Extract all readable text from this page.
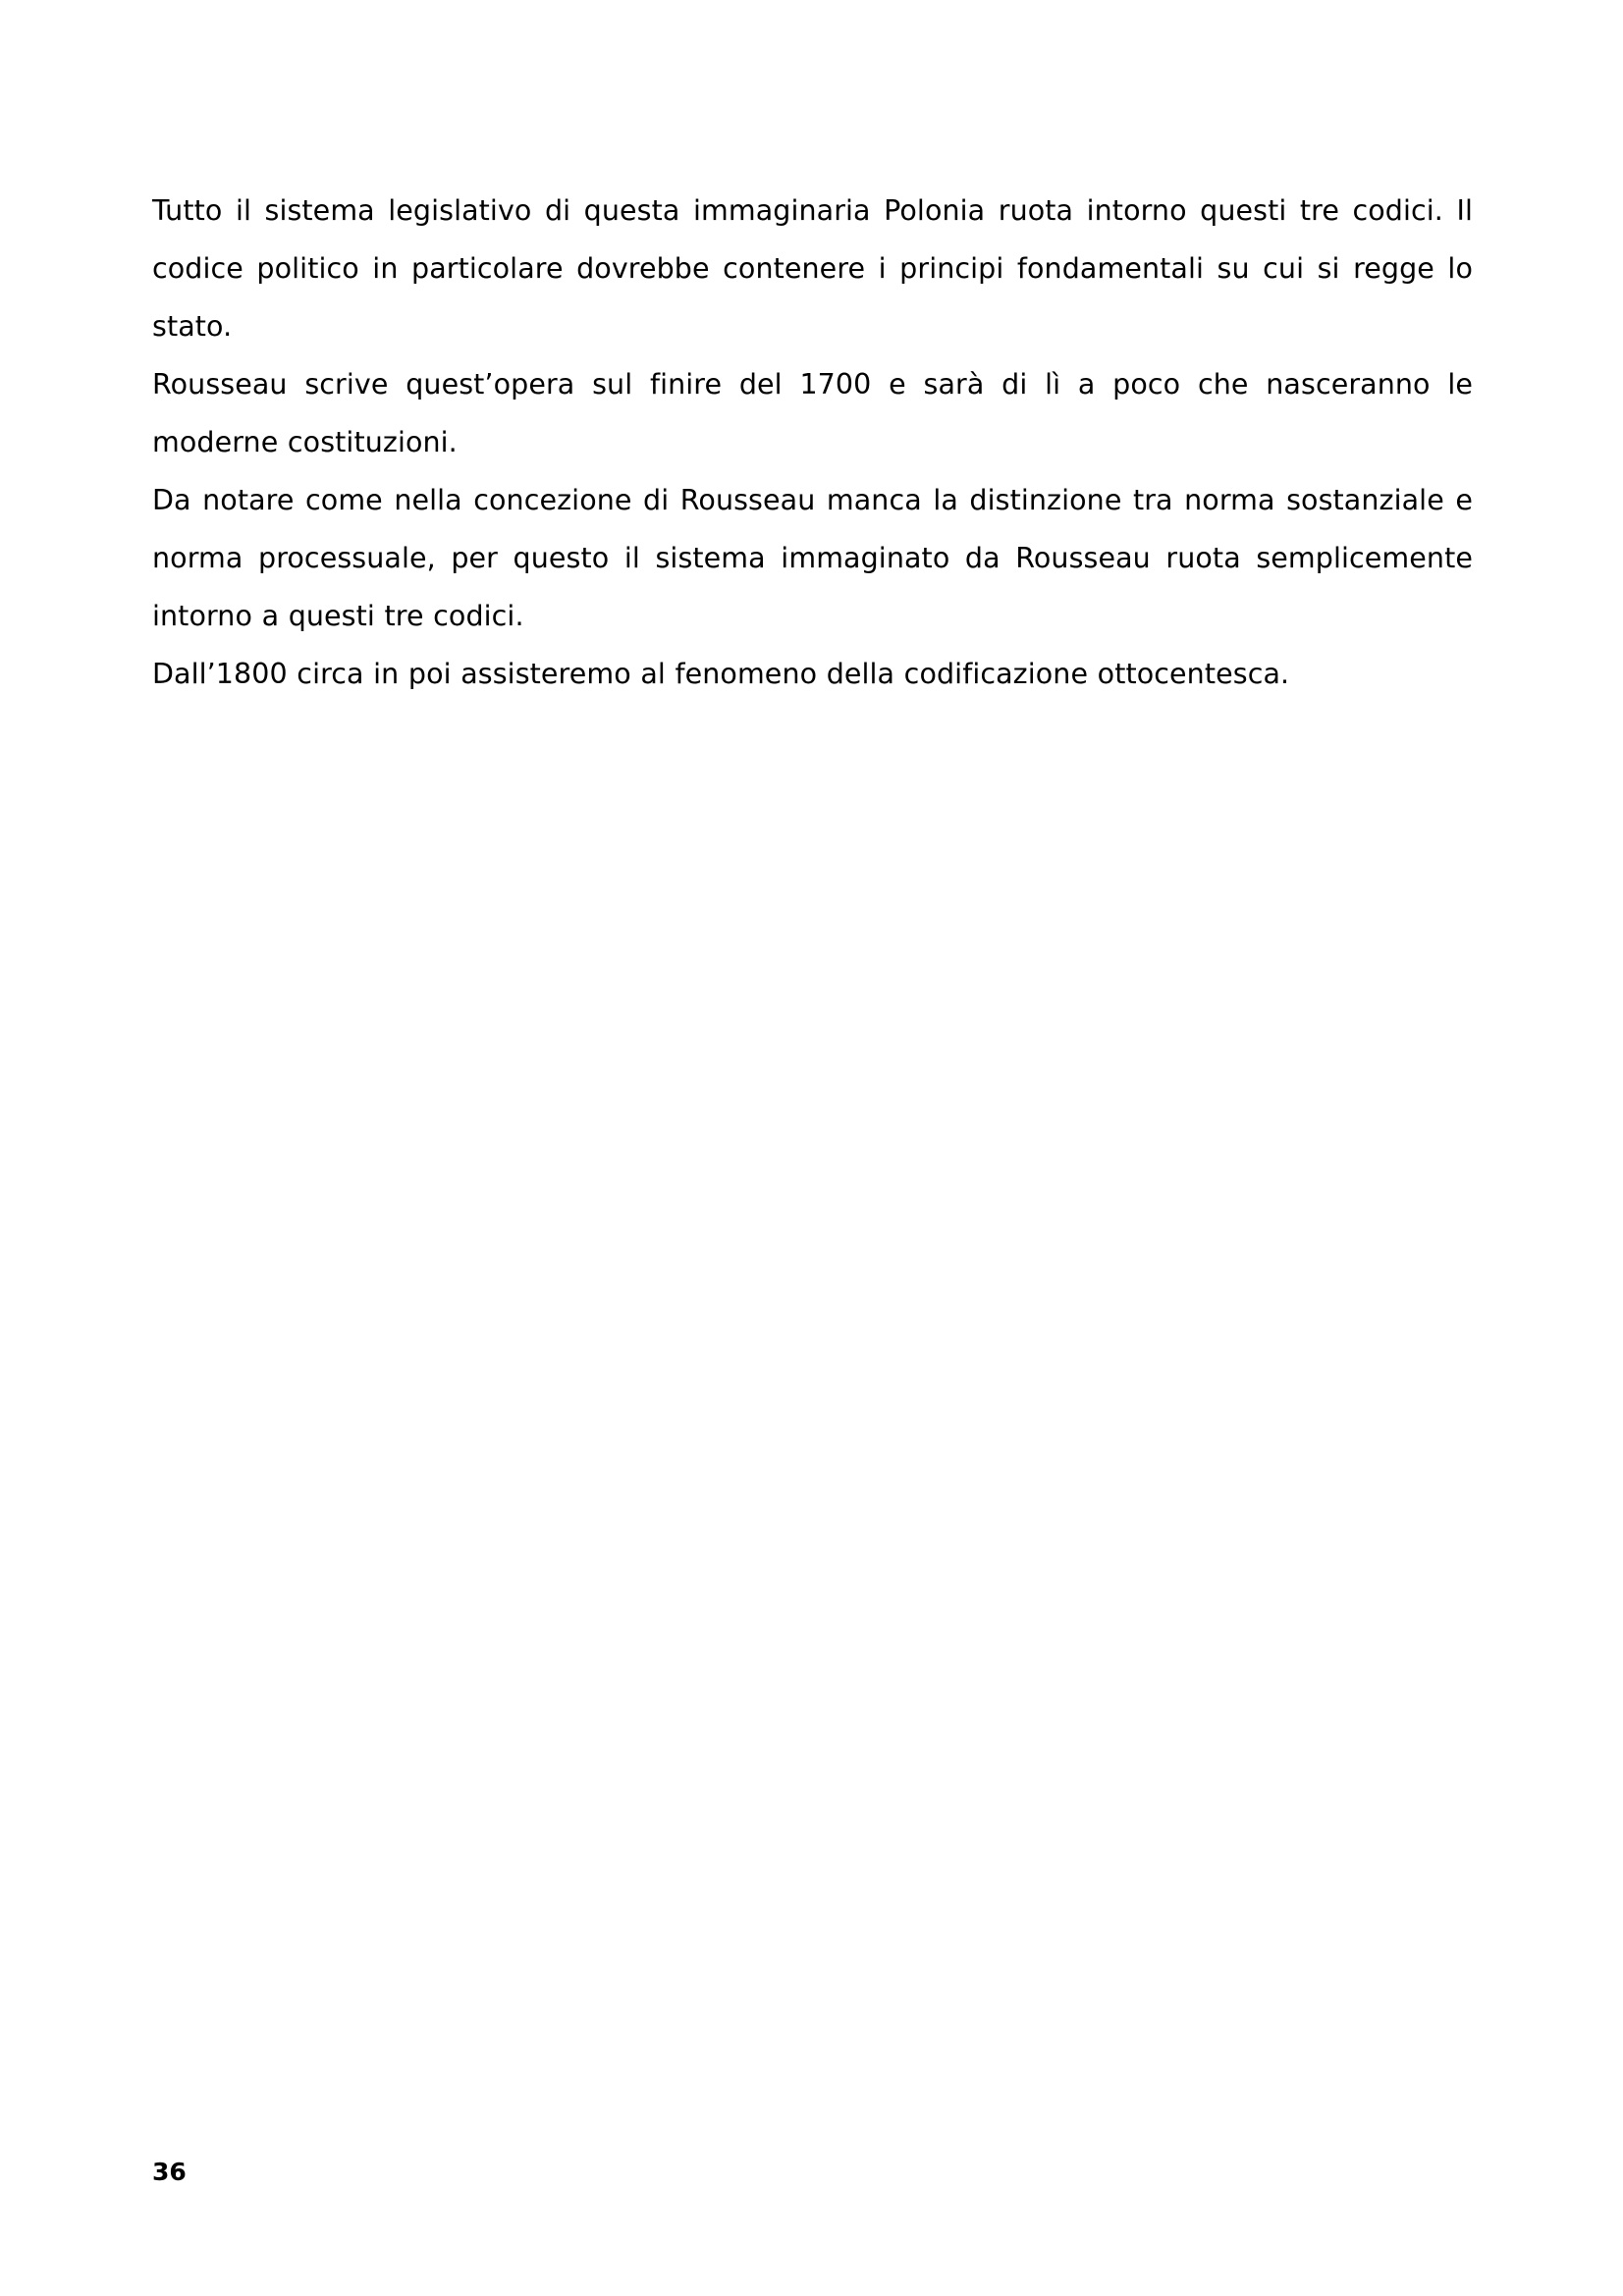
Tutto il sistema legislativo di questa immaginaria Polonia ruota intorno questi tre codici. Il codice politico in particolare dovrebbe contenere i principi fondamentali su cui si regge lo stato.

Rousseau scrive quest’opera sul finire del 1700 e sarà di lì a poco che nasceranno le moderne costituzioni.

Da notare come nella concezione di Rousseau manca la distinzione tra norma sostanziale e norma processuale, per questo il sistema immaginato da Rousseau ruota semplicemente intorno a questi tre codici.

Dall’1800 circa in poi assisteremo al fenomeno della codificazione ottocentesca.

36
